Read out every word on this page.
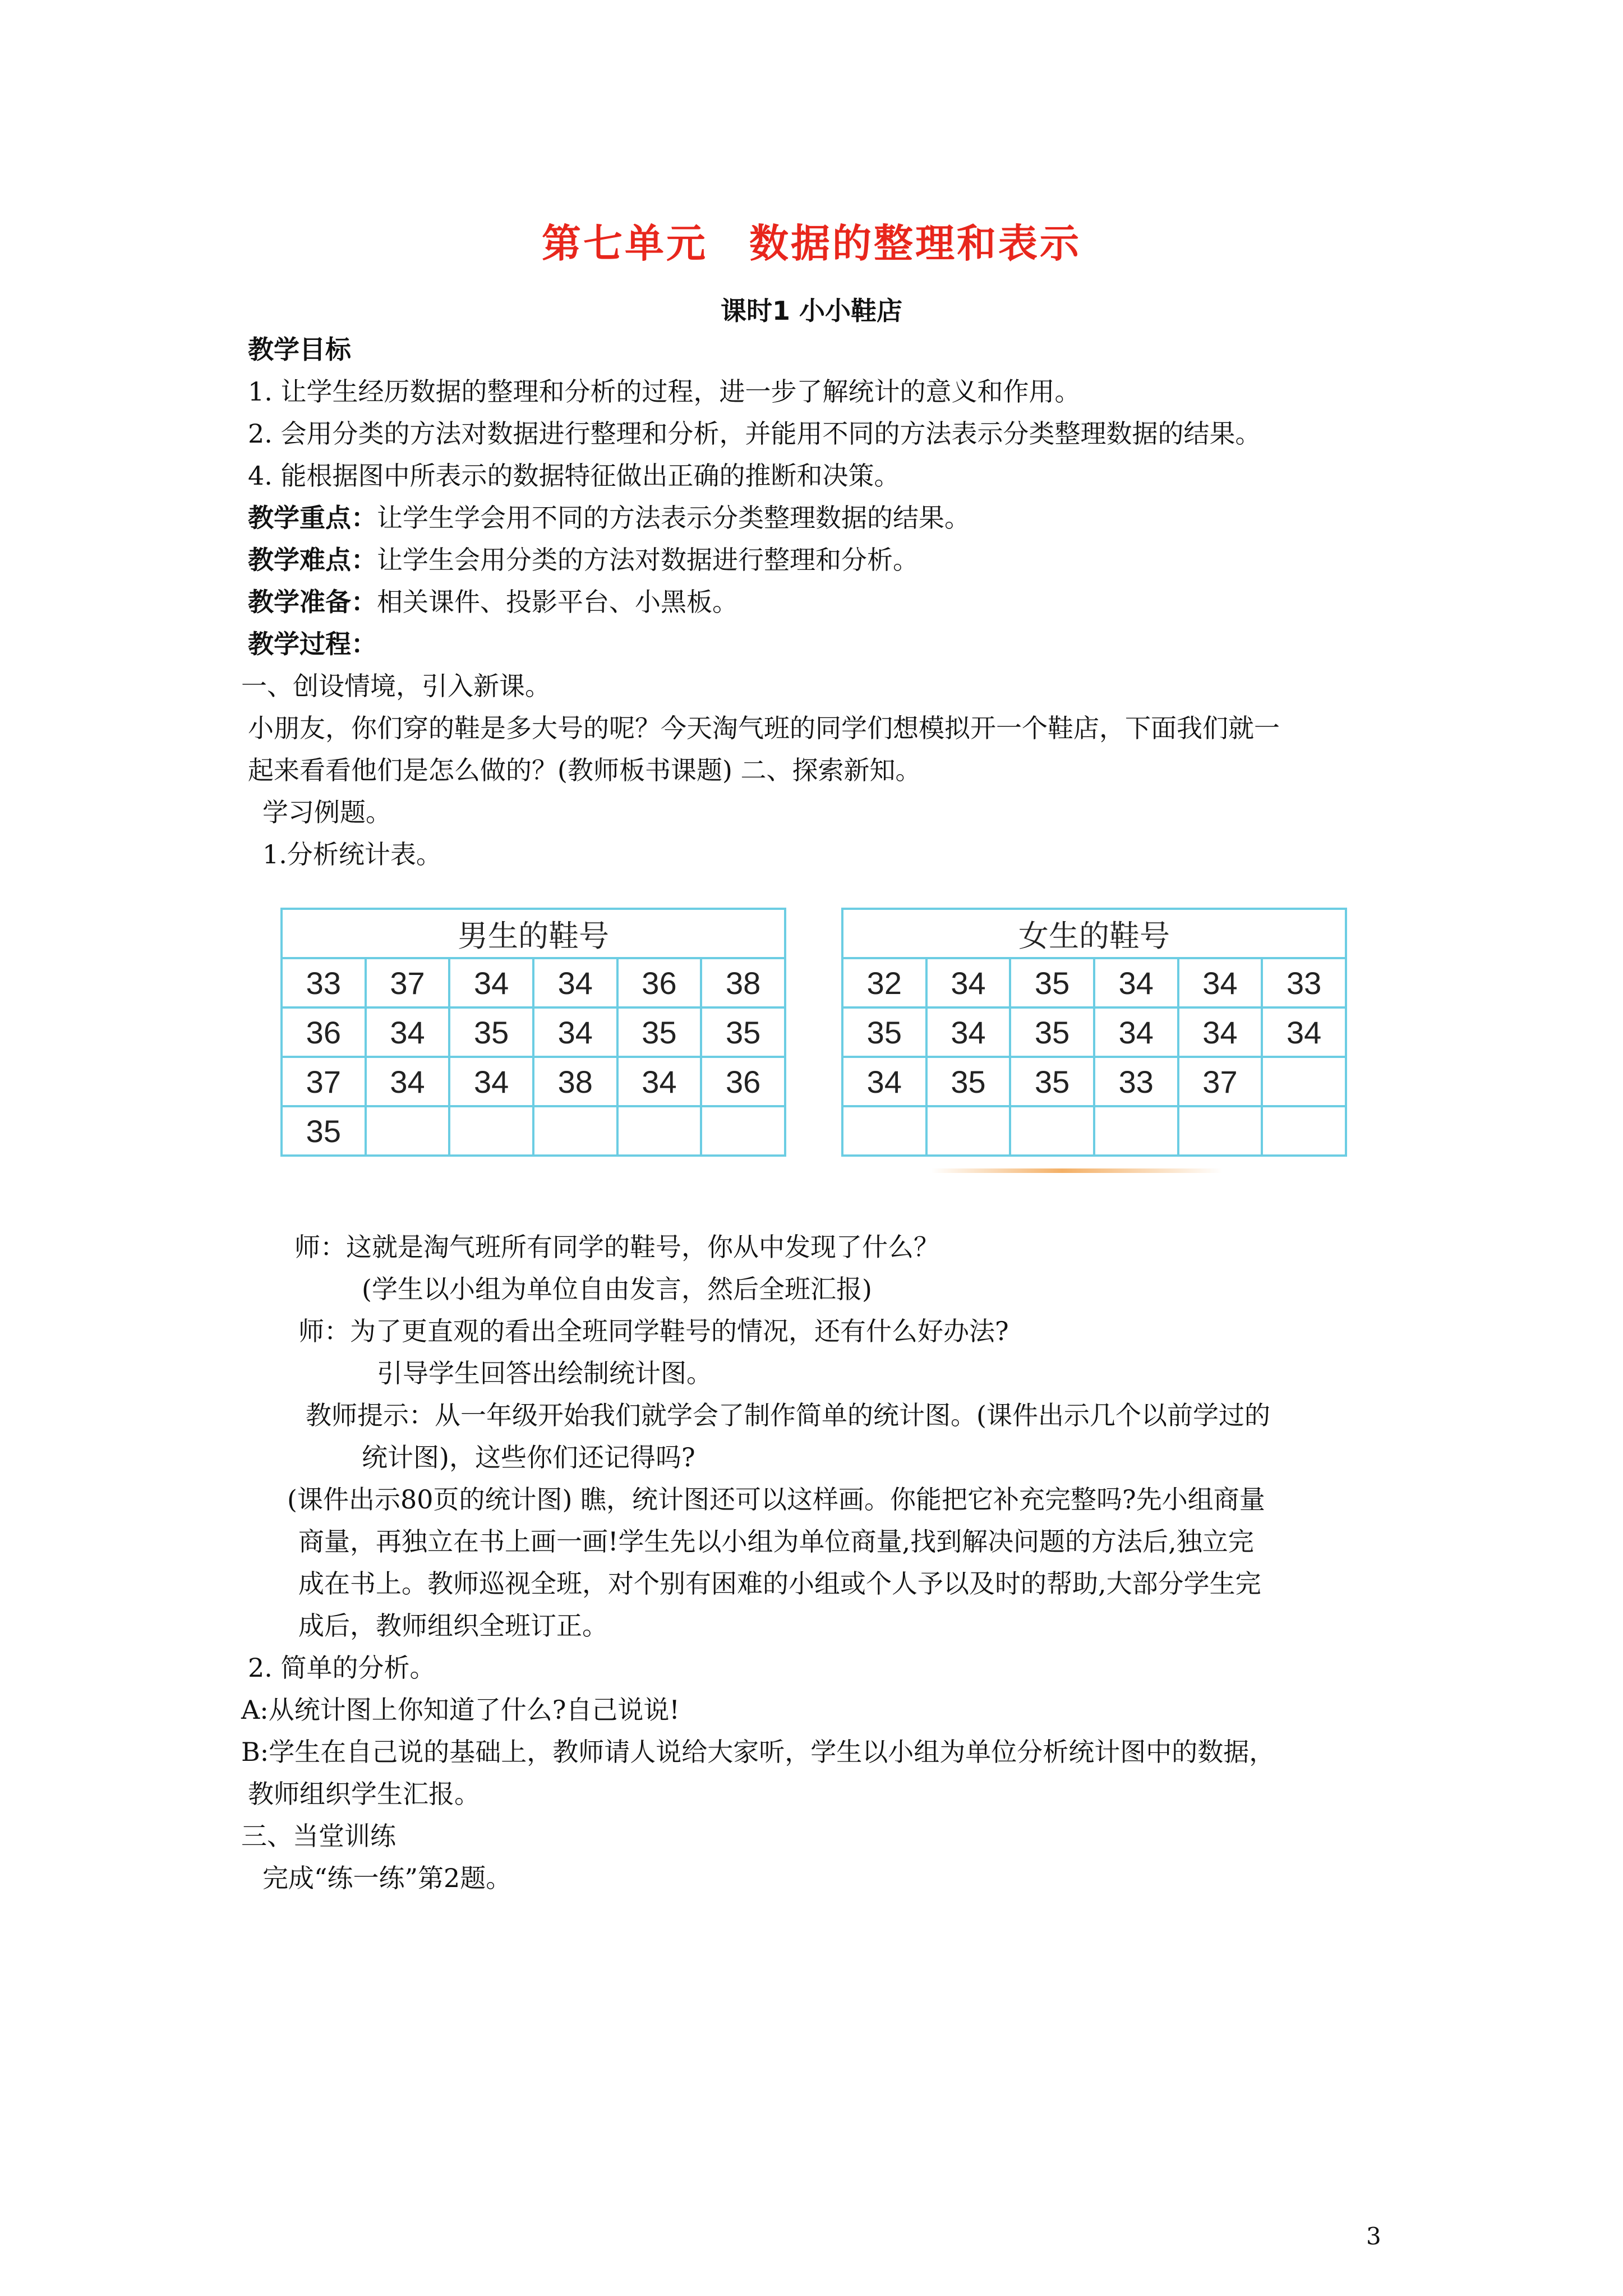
第七单元　数据的整理和表示
课时1 小小鞋店
教学目标
1. 让学生经历数据的整理和分析的过程，进一步了解统计的意义和作用。
2. 会用分类的方法对数据进行整理和分析，并能用不同的方法表示分类整理数据的结果。
4. 能根据图中所表示的数据特征做出正确的推断和决策。
教学重点：让学生学会用不同的方法表示分类整理数据的结果。
教学难点：让学生会用分类的方法对数据进行整理和分析。
教学准备：相关课件、投影平台、小黑板。
教学过程：
一、创设情境，引入新课。
小朋友，你们穿的鞋是多大号的呢？今天淘气班的同学们想模拟开一个鞋店，下面我们就一
起来看看他们是怎么做的？(教师板书课题) 二、探索新知。
学习例题。
1.分析统计表。
男生的鞋号					
33	37	34	34	36	38
36	34	35	34	35	35
37	34	34	38	34	36
35					
女生的鞋号					
32	34	35	34	34	33
35	34	35	34	34	34
34	35	35	33	37	

师：这就是淘气班所有同学的鞋号，你从中发现了什么？
(学生以小组为单位自由发言，然后全班汇报)
师：为了更直观的看出全班同学鞋号的情况，还有什么好办法?
引导学生回答出绘制统计图。
教师提示：从一年级开始我们就学会了制作简单的统计图。(课件出示几个以前学过的
统计图)，这些你们还记得吗?
(课件出示80页的统计图) 瞧，统计图还可以这样画。你能把它补充完整吗?先小组商量
商量，再独立在书上画一画!学生先以小组为单位商量,找到解决问题的方法后,独立完
成在书上。教师巡视全班，对个别有困难的小组或个人予以及时的帮助,大部分学生完
成后，教师组织全班订正。
2. 简单的分析。
A:从统计图上你知道了什么?自己说说!
B:学生在自己说的基础上，教师请人说给大家听，学生以小组为单位分析统计图中的数据，
教师组织学生汇报。
三、当堂训练
完成“练一练”第2题。
3
